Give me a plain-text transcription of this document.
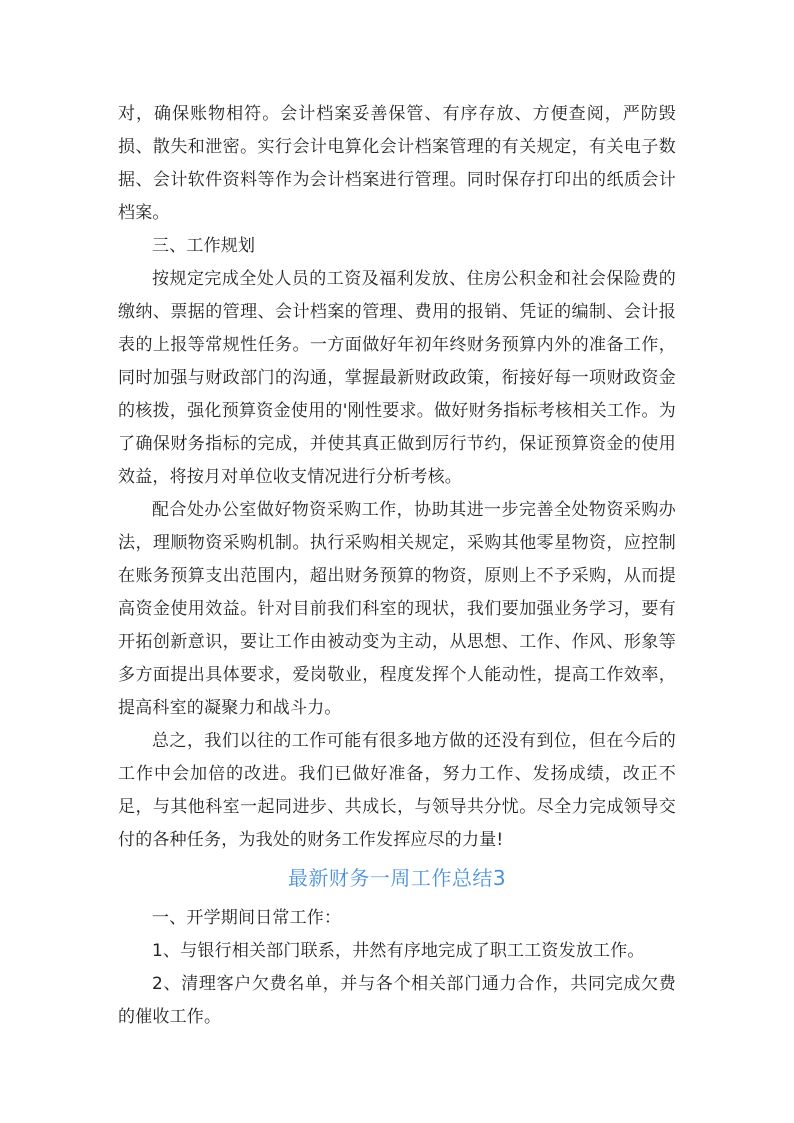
对，确保账物相符。会计档案妥善保管、有序存放、方便查阅，严防毁损、散失和泄密。实行会计电算化会计档案管理的有关规定，有关电子数据、会计软件资料等作为会计档案进行管理。同时保存打印出的纸质会计档案。

三、工作规划

按规定完成全处人员的工资及福利发放、住房公积金和社会保险费的缴纳、票据的管理、会计档案的管理、费用的报销、凭证的编制、会计报表的上报等常规性任务。一方面做好年初年终财务预算内外的准备工作，同时加强与财政部门的沟通，掌握最新财政政策，衔接好每一项财政资金的核拨，强化预算资金使用的'刚性要求。做好财务指标考核相关工作。为了确保财务指标的完成，并使其真正做到厉行节约，保证预算资金的使用效益，将按月对单位收支情况进行分析考核。

配合处办公室做好物资采购工作，协助其进一步完善全处物资采购办法，理顺物资采购机制。执行采购相关规定，采购其他零星物资，应控制在账务预算支出范围内，超出财务预算的物资，原则上不予采购，从而提高资金使用效益。针对目前我们科室的现状，我们要加强业务学习，要有开拓创新意识，要让工作由被动变为主动，从思想、工作、作风、形象等多方面提出具体要求，爱岗敬业，程度发挥个人能动性，提高工作效率，提高科室的凝聚力和战斗力。

总之，我们以往的工作可能有很多地方做的还没有到位，但在今后的工作中会加倍的改进。我们已做好准备，努力工作、发扬成绩，改正不足，与其他科室一起同进步、共成长，与领导共分忧。尽全力完成领导交付的各种任务，为我处的财务工作发挥应尽的力量!

最新财务一周工作总结3

一、开学期间日常工作：

1、与银行相关部门联系，井然有序地完成了职工工资发放工作。

2、清理客户欠费名单，并与各个相关部门通力合作，共同完成欠费的催收工作。
